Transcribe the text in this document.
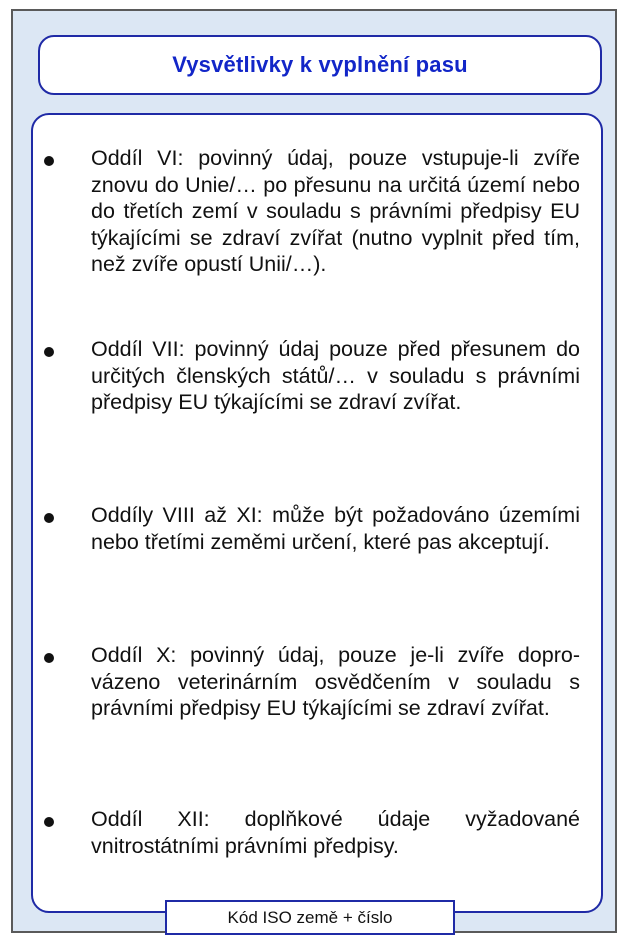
Vysvětlivky k vyplnění pasu
Oddíl VI: povinný údaj, pouze vstupuje-li zvíře znovu do Unie/… po přesunu na určitá území nebo do třetích zemí v souladu s právními předpisy EU týkajícími se zdraví zvířat (nutno vyplnit před tím, než zvíře opustí Unii/…).
Oddíl VII: povinný údaj pouze před přesunem do určitých členských států/… v souladu s právními předpisy EU týkajícími se zdraví zvířat.
Oddíly VIII až XI: může být požadováno územími nebo třetími zeměmi určení, které pas akceptují.
Oddíl X: povinný údaj, pouze je-li zvíře dopro-vázeno veterinárním osvědčením v souladu s právními předpisy EU týkajícími se zdraví zvířat.
Oddíl XII: doplňkové údaje vyžadované vnitrostátními právními předpisy.
Kód ISO země + číslo
